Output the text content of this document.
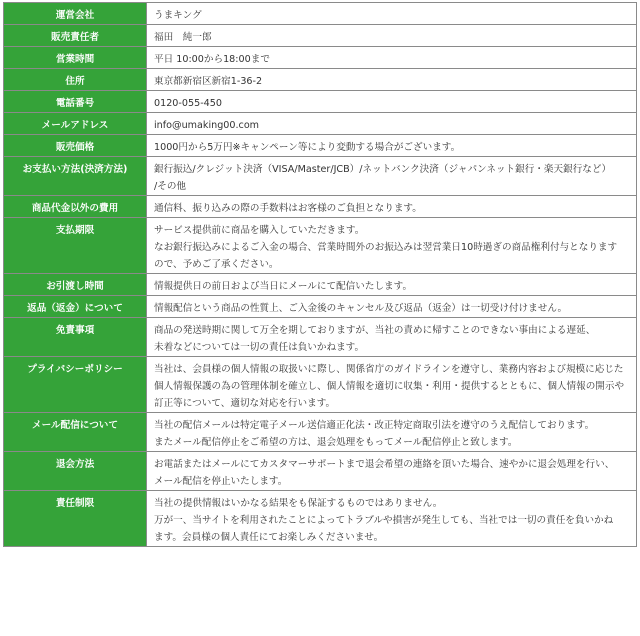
運営会社	うまキング

販売責任者	福田　純一郎

営業時間	平日 10:00から18:00まで

住所	東京都新宿区新宿1-36-2

電話番号	0120-055-450

メールアドレス	info@umaking00.com

販売価格	1000円から5万円※キャンペーン等により変動する場合がございます。

お支払い方法(決済方法)	銀行振込/クレジット決済（VISA/Master/JCB）/ネットバンク決済（ジャパンネット銀行・楽天銀行など）
/その他

商品代金以外の費用	通信料、振り込みの際の手数料はお客様のご負担となります。

支払期限	サービス提供前に商品を購入していただきます。
なお銀行振込みによるご入金の場合、営業時間外のお振込みは翌営業日10時過ぎの商品権利付与となります
ので、予めご了承ください。

お引渡し時間	情報提供日の前日および当日にメールにて配信いたします。

返品（返金）について	情報配信という商品の性質上、ご入金後のキャンセル及び返品（返金）は一切受け付けません。

免責事項	商品の発送時期に関して万全を期しておりますが、当社の責めに帰すことのできない事由による遅延、
未着などについては一切の責任は負いかねます。

プライバシーポリシー	当社は、会員様の個人情報の取扱いに際し、関係省庁のガイドラインを遵守し、業務内容および規模に応じた
個人情報保護の為の管理体制を確立し、個人情報を適切に収集・利用・提供するとともに、個人情報の開示や
訂正等について、適切な対応を行います。

メール配信について	当社の配信メールは特定電子メール送信適正化法・改正特定商取引法を遵守のうえ配信しております。
またメール配信停止をご希望の方は、退会処理をもってメール配信停止と致します。

退会方法	お電話またはメールにてカスタマーサポートまで退会希望の連絡を頂いた場合、速やかに退会処理を行い、
メール配信を停止いたします。

責任制限	当社の提供情報はいかなる結果をも保証するものではありません。
万が一、当サイトを利用されたことによってトラブルや損害が発生しても、当社では一切の責任を負いかね
ます。会員様の個人責任にてお楽しみくださいませ。
